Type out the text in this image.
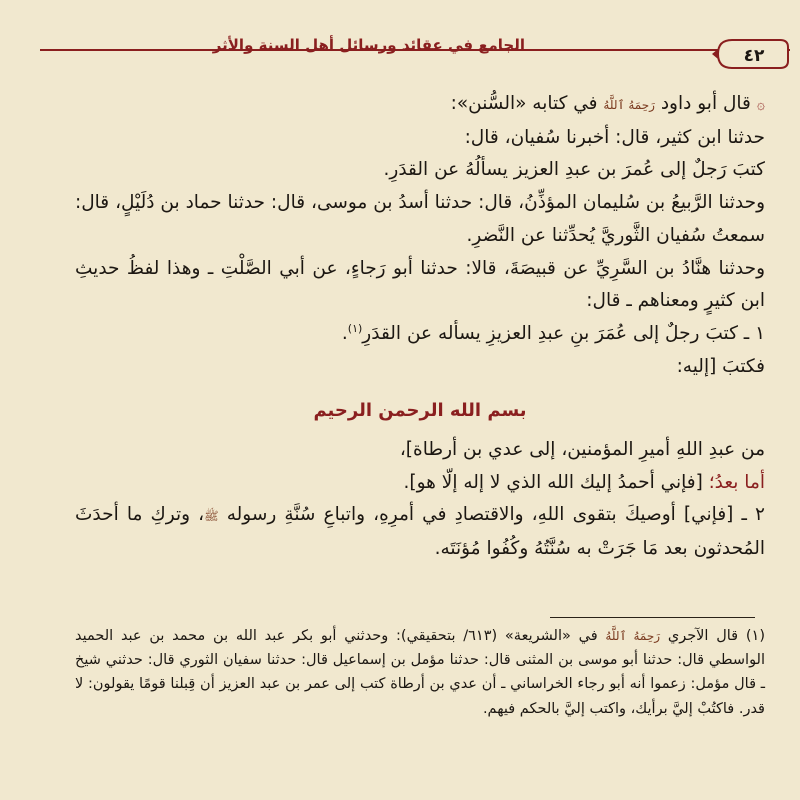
الجامع في عقائد ورسائل أهل السنة والأثر
٤٢

۞ قال أبو داود رَحِمَهُ ٱللَّهُ في كتابه «السُّنن»:

حدثنا ابن كثير، قال: أخبرنا سُفيان، قال:

كتبَ رَجلٌ إلى عُمرَ بن عبدِ العزيز يسألُهُ عن القدَرِ.

وحدثنا الرَّبيعُ بن سُليمان المؤذِّنُ، قال: حدثنا أسدُ بن موسى، قال: حدثنا حماد بن دُلَيْلٍ، قال: سمعتُ سُفيان الثَّوريَّ يُحدِّثنا عن النَّضرِ.

وحدثنا هنَّادُ بن السَّرِيِّ عن قبيصَةَ، قالا: حدثنا أبو رَجاءٍ، عن أبي الصَّلْتِ ـ وهذا لفظُ حديثِ ابن كثيرٍ ومعناهم ـ قال:

١ ـ كتبَ رجلٌ إلى عُمَرَ بنِ عبدِ العزيزِ يسأله عن القدَرِ$^{(١)}$.

فكتبَ [إليه:

بسم الله الرحمن الرحيم

من عبدِ اللهِ أميرِ المؤمنين، إلى عدي بن أرطاة]،

أما بعدُ؛ [فإني أحمدُ إليك الله الذي لا إله إلّا هو].

٢ ـ [فإني] أوصيكَ بتقوى اللهِ، والاقتصادِ في أمرِهِ، واتباعِ سُنَّةِ رسوله ﷺ، وتركِ ما أحدَثَ المُحدثون بعد مَا جَرَتْ به سُنَّتُهُ وكُفُوا مُؤنَتَه.

(١) قال الآجري رَحِمَهُ ٱللَّهُ في «الشريعة» (٦١٣/ بتحقيقي): وحدثني أبو بكر عبد الله بن محمد بن عبد الحميد الواسطي قال: حدثنا أبو موسى بن المثنى قال: حدثنا مؤمل بن إسماعيل قال: حدثنا سفيان الثوري قال: حدثني شيخ ـ قال مؤمل: زعموا أنه أبو رجاء الخراساني ـ أن عدي بن أرطاة كتب إلى عمر بن عبد العزيز أن قِبلنا قومًا يقولون: لا قدر. فاكتُبْ إليَّ برأيك، واكتب إليَّ بالحكم فيهم.
